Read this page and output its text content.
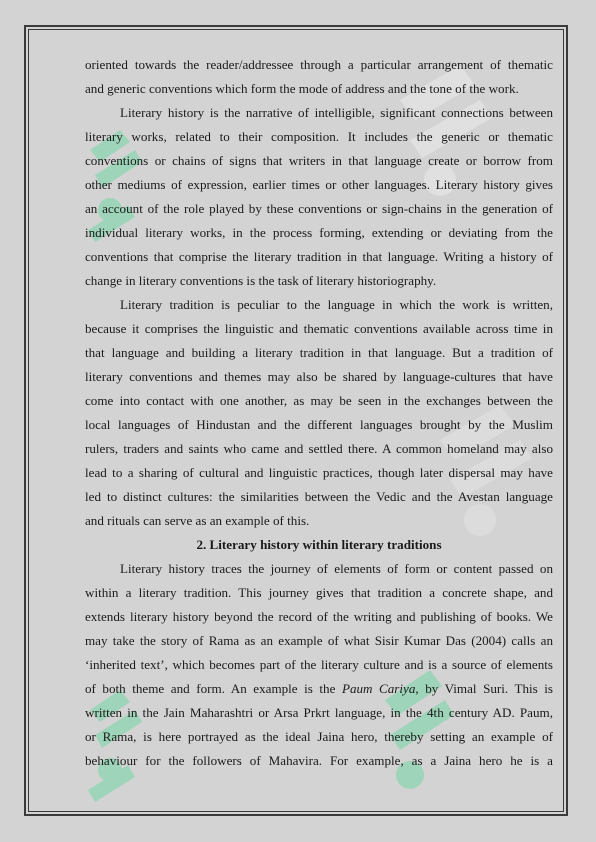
oriented towards the reader/addressee through a particular arrangement of thematic
and generic conventions which form the mode of address and the tone of the work.
Literary history is the narrative of intelligible, significant connections between
literary works, related to their composition. It includes the generic or thematic
conventions or chains of signs that writers in that language create or borrow from
other mediums of expression, earlier times or other languages. Literary history gives
an account of the role played by these conventions or sign-chains in the generation of
individual literary works, in the process forming, extending or deviating from the
conventions that comprise the literary tradition in that language. Writing a history of
change in literary conventions is the task of literary historiography.
Literary tradition is peculiar to the language in which the work is written,
because it comprises the linguistic and thematic conventions available across time in
that language and building a literary tradition in that language. But a tradition of
literary conventions and themes may also be shared by language-cultures that have
come into contact with one another, as may be seen in the exchanges between the
local languages of Hindustan and the different languages brought by the Muslim
rulers, traders and saints who came and settled there. A common homeland may also
lead to a sharing of cultural and linguistic practices, though later dispersal may have
led to distinct cultures: the similarities between the Vedic and the Avestan language
and rituals can serve as an example of this.
2. Literary history within literary traditions
Literary history traces the journey of elements of form or content passed on
within a literary tradition. This journey gives that tradition a concrete shape, and
extends literary history beyond the record of the writing and publishing of books. We
may take the story of Rama as an example of what Sisir Kumar Das (2004) calls an
‘inherited text’, which becomes part of the literary culture and is a source of elements
of both theme and form. An example is the Paum Cariya, by Vimal Suri. This is
written in the Jain Maharashtri or Arsa Prkrt language, in the 4th century AD. Paum,
or Rama, is here portrayed as the ideal Jaina hero, thereby setting an example of
behaviour for the followers of Mahavira. For example, as a Jaina hero he is a
